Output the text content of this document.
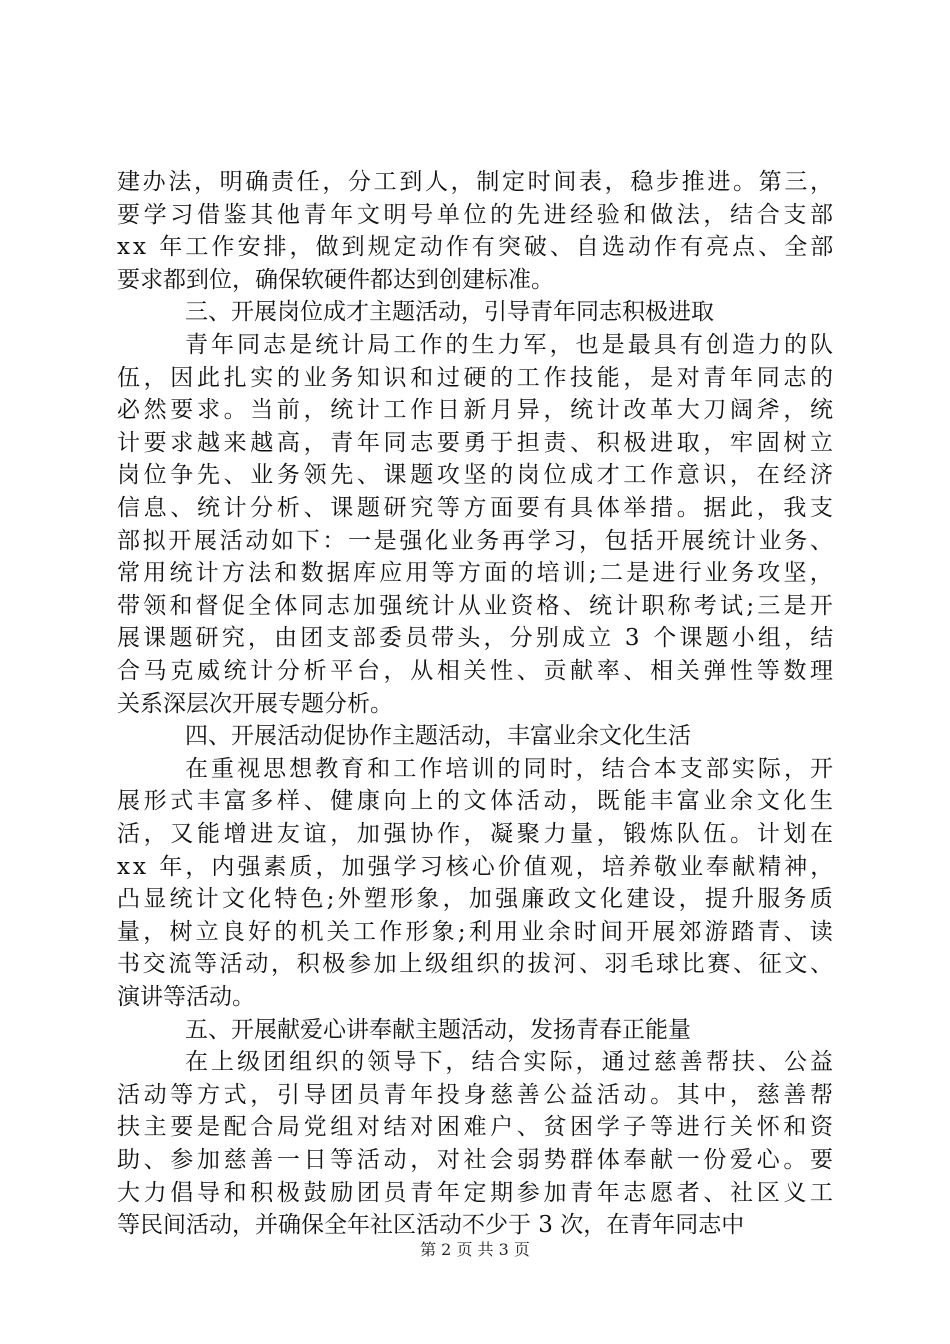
建办法，明确责任，分工到人，制定时间表，稳步推进。第三，
要学习借鉴其他青年文明号单位的先进经验和做法，结合支部
xx 年工作安排，做到规定动作有突破、自选动作有亮点、全部
要求都到位，确保软硬件都达到创建标准。
三、开展岗位成才主题活动，引导青年同志积极进取
青年同志是统计局工作的生力军，也是最具有创造力的队
伍，因此扎实的业务知识和过硬的工作技能，是对青年同志的
必然要求。当前，统计工作日新月异，统计改革大刀阔斧，统
计要求越来越高，青年同志要勇于担责、积极进取，牢固树立
岗位争先、业务领先、课题攻坚的岗位成才工作意识，在经济
信息、统计分析、课题研究等方面要有具体举措。据此，我支
部拟开展活动如下：一是强化业务再学习，包括开展统计业务、
常用统计方法和数据库应用等方面的培训;二是进行业务攻坚，
带领和督促全体同志加强统计从业资格、统计职称考试;三是开
展课题研究，由团支部委员带头，分别成立 3 个课题小组，结
合马克威统计分析平台，从相关性、贡献率、相关弹性等数理
关系深层次开展专题分析。
四、开展活动促协作主题活动，丰富业余文化生活
在重视思想教育和工作培训的同时，结合本支部实际，开
展形式丰富多样、健康向上的文体活动，既能丰富业余文化生
活，又能增进友谊，加强协作，凝聚力量，锻炼队伍。计划在
xx 年，内强素质，加强学习核心价值观，培养敬业奉献精神，
凸显统计文化特色;外塑形象，加强廉政文化建设，提升服务质
量，树立良好的机关工作形象;利用业余时间开展郊游踏青、读
书交流等活动，积极参加上级组织的拔河、羽毛球比赛、征文、
演讲等活动。
五、开展献爱心讲奉献主题活动，发扬青春正能量
在上级团组织的领导下，结合实际，通过慈善帮扶、公益
活动等方式，引导团员青年投身慈善公益活动。其中，慈善帮
扶主要是配合局党组对结对困难户、贫困学子等进行关怀和资
助、参加慈善一日等活动，对社会弱势群体奉献一份爱心。要
大力倡导和积极鼓励团员青年定期参加青年志愿者、社区义工
等民间活动，并确保全年社区活动不少于 3 次，在青年同志中
第 2 页 共 3 页
